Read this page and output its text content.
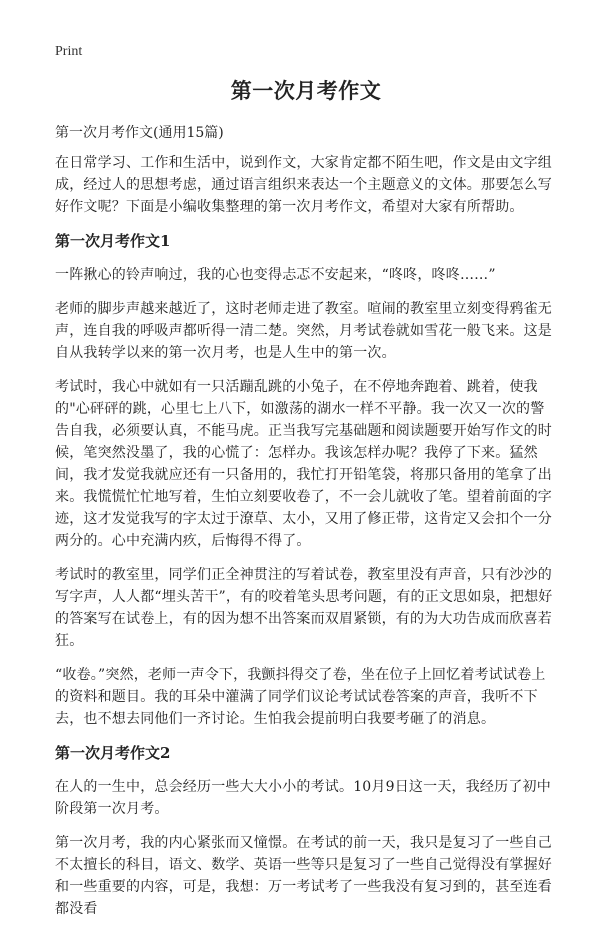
Print
第一次月考作文
第一次月考作文(通用15篇)

在日常学习、工作和生活中，说到作文，大家肯定都不陌生吧，作文是由文字组成，经过人的思想考虑，通过语言组织来表达一个主题意义的文体。那要怎么写好作文呢？下面是小编收集整理的第一次月考作文，希望对大家有所帮助。

第一次月考作文1

一阵揪心的铃声响过，我的心也变得忐忑不安起来，“咚咚，咚咚……”

老师的脚步声越来越近了，这时老师走进了教室。喧闹的教室里立刻变得鸦雀无声，连自我的呼吸声都听得一清二楚。突然，月考试卷就如雪花一般飞来。这是自从我转学以来的第一次月考，也是人生中的第一次。

考试时，我心中就如有一只活蹦乱跳的小兔子，在不停地奔跑着、跳着，使我的"心砰砰的跳，心里七上八下，如激荡的湖水一样不平静。我一次又一次的警告自我，必须要认真，不能马虎。正当我写完基础题和阅读题要开始写作文的时候，笔突然没墨了，我的心慌了：怎样办。我该怎样办呢？我停了下来。猛然间，我才发觉我就应还有一只备用的，我忙打开铅笔袋，将那只备用的笔拿了出来。我慌慌忙忙地写着，生怕立刻要收卷了，不一会儿就收了笔。望着前面的字迹，这才发觉我写的字太过于潦草、太小，又用了修正带，这肯定又会扣个一分两分的。心中充满内疚，后悔得不得了。

考试时的教室里，同学们正全神贯注的写着试卷，教室里没有声音，只有沙沙的写字声，人人都“埋头苦干”，有的咬着笔头思考问题，有的正文思如泉，把想好的答案写在试卷上，有的因为想不出答案而双眉紧锁，有的为大功告成而欣喜若狂。

“收卷。”突然，老师一声令下，我颤抖得交了卷，坐在位子上回忆着考试试卷上的资料和题目。我的耳朵中灌满了同学们议论考试试卷答案的声音，我听不下去，也不想去同他们一齐讨论。生怕我会提前明白我要考砸了的消息。

第一次月考作文2

在人的一生中，总会经历一些大大小小的考试。10月9日这一天，我经历了初中阶段第一次月考。

第一次月考，我的内心紧张而又憧憬。在考试的前一天，我只是复习了一些自己不太擅长的科目，语文、数学、英语一些等只是复习了一些自己觉得没有掌握好和一些重要的内容，可是，我想：万一考试考了一些我没有复习到的，甚至连看都没看
